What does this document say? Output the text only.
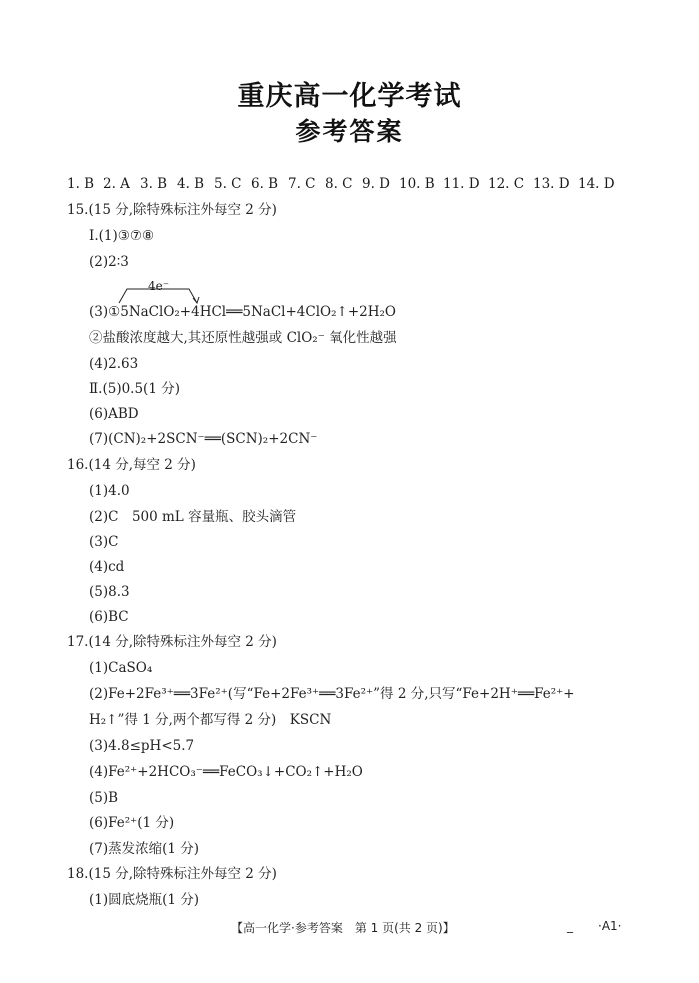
重庆高一化学考试
参考答案
1. B 2. A 3. B 4. B 5. C 6. B 7. C 8. C 9. D 10. B 11. D 12. C 13. D 14. D
15.(15 分,除特殊标注外每空 2 分)
Ⅰ.(1)③⑦⑧
(2)2∶3
4e⁻
(3)①5NaClO₂+4HCl══5NaCl+4ClO₂↑+2H₂O
②盐酸浓度越大,其还原性越强或 ClO₂⁻ 氧化性越强
(4)2.63
Ⅱ.(5)0.5(1 分)
(6)ABD
(7)(CN)₂+2SCN⁻══(SCN)₂+2CN⁻
16.(14 分,每空 2 分)
(1)4.0
(2)C　500 mL 容量瓶、胶头滴管
(3)C
(4)cd
(5)8.3
(6)BC
17.(14 分,除特殊标注外每空 2 分)
(1)CaSO₄
(2)Fe+2Fe³⁺══3Fe²⁺(写“Fe+2Fe³⁺══3Fe²⁺”得 2 分,只写“Fe+2H⁺══Fe²⁺+
H₂↑”得 1 分,两个都写得 2 分)　KSCN
(3)4.8≤pH<5.7
(4)Fe²⁺+2HCO₃⁻══FeCO₃↓+CO₂↑+H₂O
(5)B
(6)Fe²⁺(1 分)
(7)蒸发浓缩(1 分)
18.(15 分,除特殊标注外每空 2 分)
(1)圆底烧瓶(1 分)
【高一化学·参考答案　第 1 页(共 2 页)】	_ ·A1·
